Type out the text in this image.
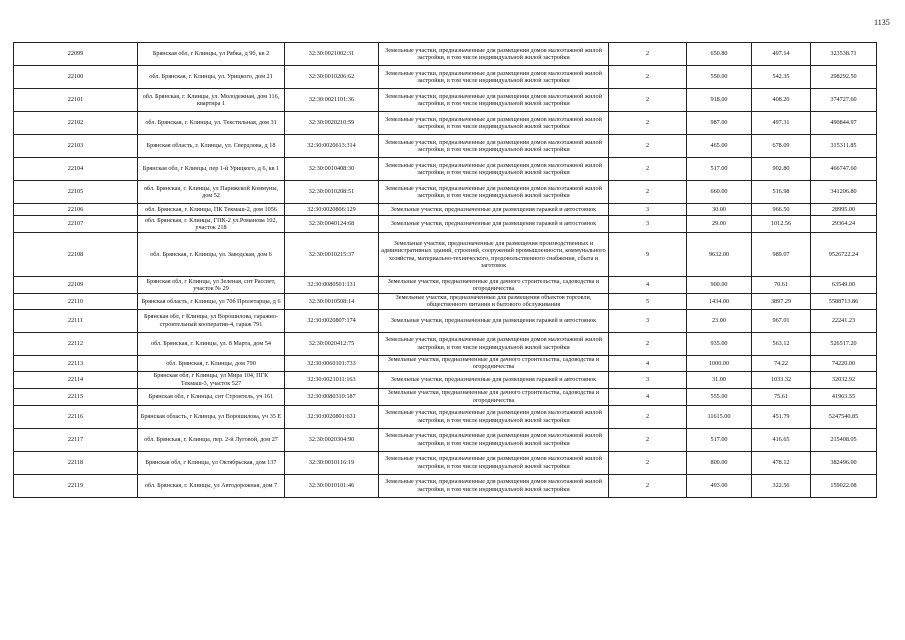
1135
22099	Брянская обл, г Клинцы, ул Рябка, д 9б, кв 2	32:30:0021002:31	Земельные участки, предназначенные для размещения домов малоэтажной жилой застройки, в том числе индивидуальной жилой застройки	2	650.80	497.14	323538.71
22100	обл. Брянская, г. Клинцы, ул. Урицкого, дом 21	32:30:0010206:62	Земельные участки, предназначенные для размещения домов малоэтажной жилой застройки, в том числе индивидуальной жилой застройки	2	550.00	542.35	298292.50
22101	обл. Брянская, г. Клинцы, ул. Молодежная, дом 116, квартира 1	32:30:0021101:36	Земельные участки, предназначенные для размещения домов малоэтажной жилой застройки, в том числе индивидуальной жилой застройки	2	918.00	408.20	374727.60
22102	обл. Брянская, г. Клинцы, ул. Текстильная, дом 31	32:30:0020210:59	Земельные участки, предназначенные для размещения домов малоэтажной жилой застройки, в том числе индивидуальной жилой застройки	2	987.00	497.31	490844.97
22103	Брянская область, г. Клинцы, ул. Свердлова, д 18	32:30:0020613:314	Земельные участки, предназначенные для размещения домов малоэтажной жилой застройки, в том числе индивидуальной жилой застройки	2	465.00	678.09	315311.85
22104	Брянская обл, г Клинцы, пер 1-й Урицкого, д 6, кв 1	32:30:0010408:30	Земельные участки, предназначенные для размещения домов малоэтажной жилой застройки, в том числе индивидуальной жилой застройки	2	517.00	902.80	466747.60
22105	обл. Брянская, г. Клинцы, ул Парижской Коммуны, дом 52	32:30:0010208:51	Земельные участки, предназначенные для размещения домов малоэтажной жилой застройки, в том числе индивидуальной жилой застройки	2	660.00	516.98	341206.80
22106	обл. Брянская, г. Клинцы, ПК Текмаш-2, дом 1056	32:30:0020806:129	Земельные участки, предназначенные для размещения гаражей и автостоянок	3	30.00	966.50	28995.00
22107	обл. Брянская, г. Клинцы, ГПК-2 ул.Романова 102, участок 218	32:30:0040124:68	Земельные участки, предназначенные для размещения гаражей и автостоянок	3	29.00	1012.56	29364.24
22108	обл. Брянская, г. Клинцы, ул. Заводская, дом 6	32:30:0010215:37	Земельные участки, предназначенные для размещения производственных и административных зданий, строений, сооружений промышленности, коммунального хозяйства, материально-технического, продовольственного снабжения, сбыта и заготовок	9	9632.00	989.07	9526722.24
22109	Брянская обл, г Клинцы, ул Зеленая, снт Рассвет, участок № 29	32:30:0080501:131	Земельные участки, предназначенные для дачного строительства, садоводства и огородничества	4	900.00	70.61	63549.00
22110	Брянская область, г Клинцы, ул 70б Пролетарцы, д 6	32:30:0010508:14	Земельные участки, предназначенные для размещения объектов торговли, общественного питания и бытового обслуживания	5	1434.00	3897.29	5588713.86
22111	Брянская обл, г Клинцы, ул Ворошилова, гаражно-строительный кооператив-4, гараж 791	32:30:0020807:174	Земельные участки, предназначенные для размещения гаражей и автостоянок	3	23.00	967.01	22241.23
22112	обл. Брянская, г. Клинцы, ул. 8 Марта, дом 54	32:30:0020412:75	Земельные участки, предназначенные для размещения домов малоэтажной жилой застройки, в том числе индивидуальной жилой застройки	2	935.00	563.12	526517.20
22113	обл. Брянская, г. Клинцы, дом 790	32:30:0060101:733	Земельные участки, предназначенные для дачного строительства, садоводства и огородничества	4	1000.00	74.22	74220.00
22114	Брянская обл, г Клинцы, ул Мира 104, ПГК Текмаш-3, участок 527	32:30:0021011:163	Земельные участки, предназначенные для размещения гаражей и автостоянок	3	31.00	1033.32	32032.92
22115	Брянская обл, г Клинцы, снт Строитель, уч 161	32:30:0080310:187	Земельные участки, предназначенные для дачного строительства, садоводства и огородничества	4	555.00	75.61	41963.55
22116	Брянская область, г Клинцы, ул Ворошилова, уч 35 Е	32:30:0020801:631	Земельные участки, предназначенные для размещения домов малоэтажной жилой застройки, в том числе индивидуальной жилой застройки	2	11615.00	451.79	5247540.85
22117	обл. Брянская, г. Клинцы, пер. 2-й Луговой, дом 27	32:30:0020304:90	Земельные участки, предназначенные для размещения домов малоэтажной жилой застройки, в том числе индивидуальной жилой застройки	2	517.00	416.65	215408.05
22118	Брянская обл, г Клинцы, ул Октябрьская, дом 137	32:30:0010116:19	Земельные участки, предназначенные для размещения домов малоэтажной жилой застройки, в том числе индивидуальной жилой застройки	2	800.00	478.12	382496.00
22119	обл. Брянская, г. Клинцы, ул Автодорожная, дом 7	32:30:0010101:46	Земельные участки, предназначенные для размещения домов малоэтажной жилой застройки, в том числе индивидуальной жилой застройки	2	493.00	322.56	159022.08
